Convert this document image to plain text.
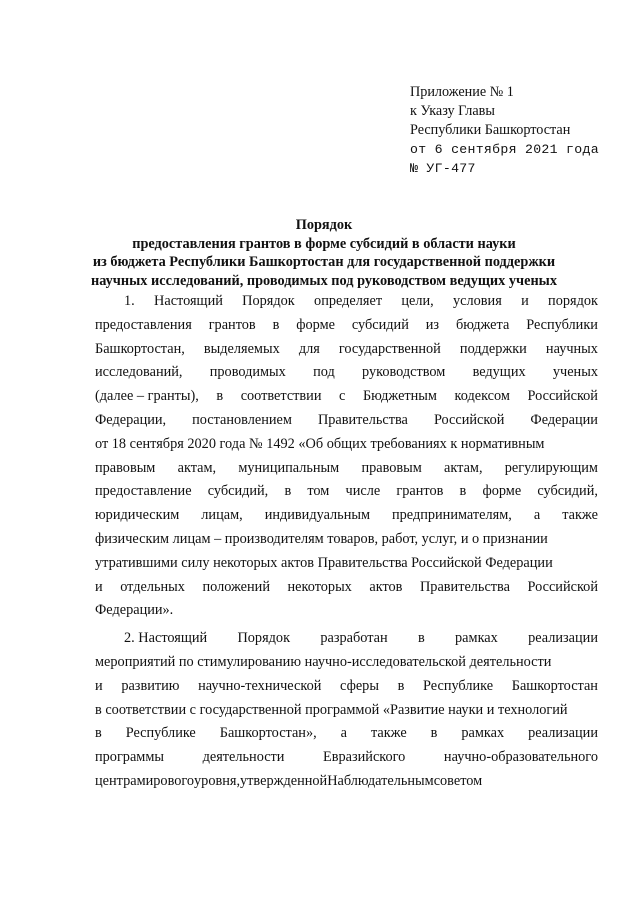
Приложение № 1
к Указу Главы
Республики Башкортостан
от 6 сентября 2021 года
№ УГ-477
Порядок
предоставления грантов в форме субсидий в области науки
из бюджета Республики Башкортостан для государственной поддержки
научных исследований, проводимых под руководством ведущих ученых
1. Настоящий Порядок определяет цели, условия и порядок
предоставления грантов в форме субсидий из бюджета Республики
Башкортостан, выделяемых для государственной поддержки научных
исследований, проводимых под руководством ведущих ученых
(далее – гранты), в соответствии с Бюджетным кодексом Российской
Федерации, постановлением Правительства Российской Федерации
от 18 сентября 2020 года № 1492 «Об общих требованиях к нормативным
правовым актам, муниципальным правовым актам, регулирующим
предоставление субсидий, в том числе грантов в форме субсидий,
юридическим лицам, индивидуальным предпринимателям, а также
физическим лицам – производителям товаров, работ, услуг, и о признании
утратившими силу некоторых актов Правительства Российской Федерации
и отдельных положений некоторых актов Правительства Российской
Федерации».
2. Настоящий Порядок разработан в рамках реализации
мероприятий по стимулированию научно-исследовательской деятельности
и развитию научно-технической сферы в Республике Башкортостан
в соответствии с государственной программой «Развитие науки и технологий
в Республике Башкортостан», а также в рамках реализации
программы	деятельности	Евразийского	научно-образовательного
центра мирового уровня, утвержденной Наблюдательным советом
